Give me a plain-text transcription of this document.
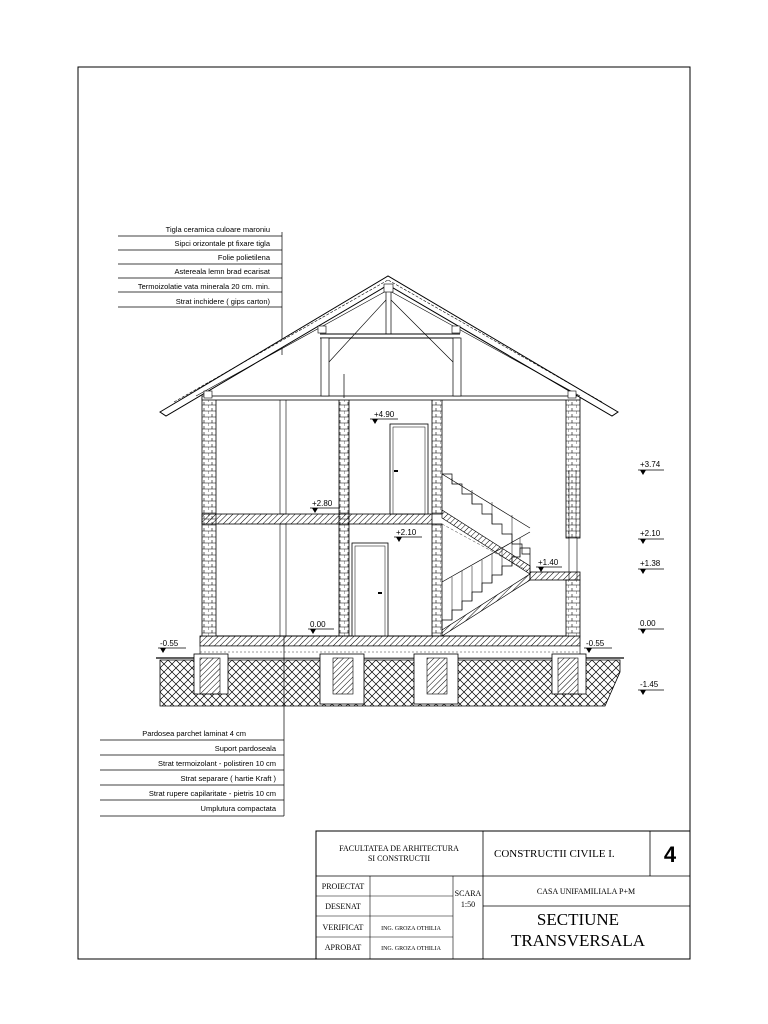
Tigla ceramica culoare maroniu
Sipci orizontale pt fixare tigla
Folie polietilena
Astereala lemn brad ecarisat
Termoizolatie vata minerala 20 cm. min.
Strat inchidere ( gips carton)
+4.90
+2.80
+2.10
+1.40
0.00
-0.55	-0.55
+3.74
+2.10
+1.38
0.00
-1.45
Pardosea parchet laminat 4 cm
Suport pardoseala
Strat termoizolant - polistiren 10 cm
Strat separare ( hartie Kraft )
Strat rupere capilaritate - pietris 10 cm
Umplutura compactata
FACULTATEA DE ARHITECTURA
SI CONSTRUCTII	CONSTRUCTII CIVILE I. 4
PROIECTAT
DESENAT
VERIFICAT
APROBAT
ING. GROZA OTHILIA
ING. GROZA OTHILIA
SCARA
1:50
CASA UNIFAMILIALA P+M
SECTIUNE
TRANSVERSALA
